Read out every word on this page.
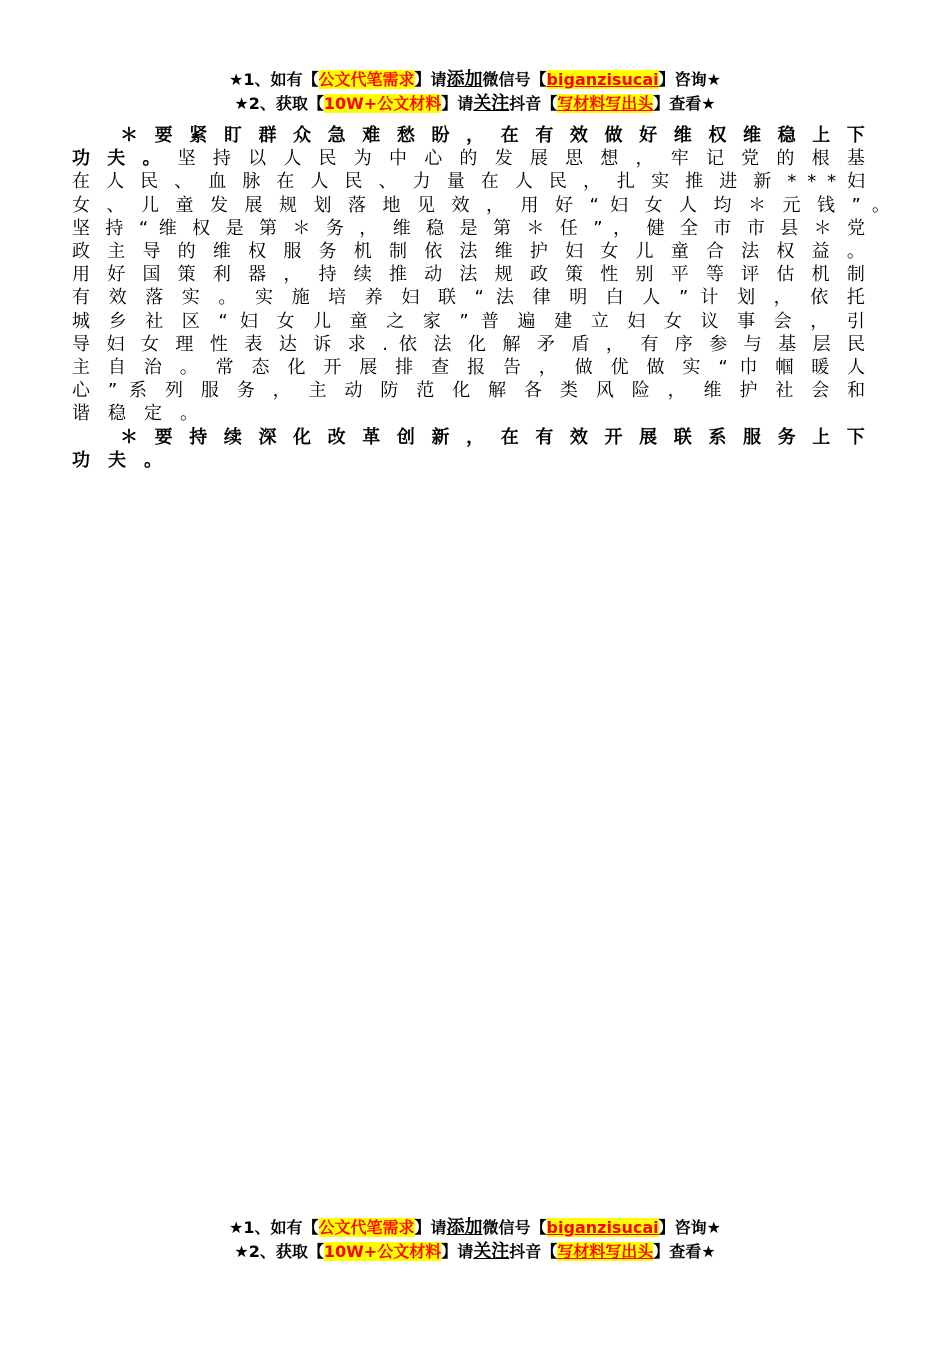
★1、如有【公文代笔需求】请添加微信号【biganzisucai】咨询★
★2、获取【10W+公文材料】请关注抖音【写材料写出头】查看★
＊ 要 紧 盯 群 众 急 难 愁 盼 ， 在 有 效 做 好 维 权 维 稳 上 下
功 夫 。 坚 持 以 人 民 为 中 心 的 发 展 思 想 ， 牢 记 党 的 根 基
在 人 民 、 血 脉 在 人 民 、 力 量 在 人 民 ， 扎 实 推 进 新 * * * 妇
女 、 儿 童 发 展 规 划 落 地 见 效 ， 用 好 “ 妇 女 人 均 ＊ 元 钱 ” 。
坚 持 “ 维 权 是 第 ＊ 务 ， 维 稳 是 第 ＊ 任 ” ， 健 全 市 市 县 ＊ 党
政 主 导 的 维 权 服 务 机 制 依 法 维 护 妇 女 儿 童 合 法 权 益 。
用 好 国 策 利 器 ， 持 续 推 动 法 规 政 策 性 别 平 等 评 估 机 制
有 效 落 实 。 实 施 培 养 妇 联 “ 法 律 明 白 人 ” 计 划 ， 依 托
城 乡 社 区 “ 妇 女 儿 童 之 家 ” 普 遍 建 立 妇 女 议 事 会 ， 引
导 妇 女 理 性 表 达 诉 求 . 依 法 化 解 矛 盾 ， 有 序 参 与 基 层 民
主 自 治 。 常 态 化 开 展 排 查 报 告 ， 做 优 做 实 “ 巾 帼 暖 人
心 ” 系 列 服 务 ， 主 动 防 范 化 解 各 类 风 险 ， 维 护 社 会 和
谐稳定。
＊ 要 持 续 深 化 改 革 创 新 ， 在 有 效 开 展 联 系 服 务 上 下
功夫。
★1、如有【公文代笔需求】请添加微信号【biganzisucai】咨询★
★2、获取【10W+公文材料】请关注抖音【写材料写出头】查看★
